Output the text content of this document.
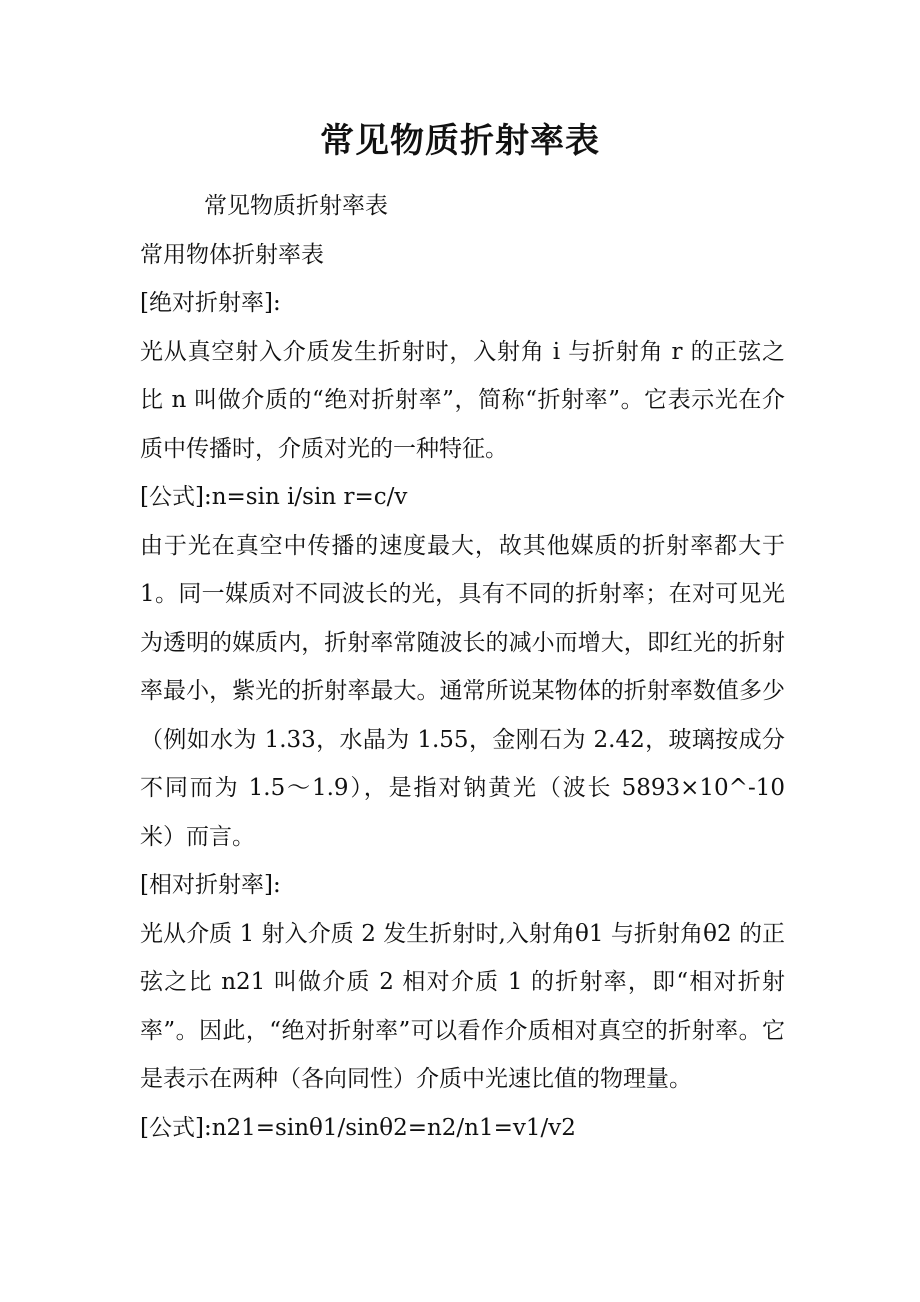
常见物质折射率表

常见物质折射率表

常用物体折射率表

[绝对折射率]:

光从真空射入介质发生折射时，入射角 i 与折射角 r 的正弦之比 n 叫做介质的“绝对折射率”，简称“折射率”。它表示光在介质中传播时，介质对光的一种特征。

[公式]:n=sin i/sin r=c/v

由于光在真空中传播的速度最大，故其他媒质的折射率都大于 1。同一媒质对不同波长的光，具有不同的折射率；在对可见光为透明的媒质内，折射率常随波长的减小而增大，即红光的折射率最小，紫光的折射率最大。通常所说某物体的折射率数值多少（例如水为 1.33，水晶为 1.55，金刚石为 2.42，玻璃按成分不同而为 1.5～1.9），是指对钠黄光（波长 5893×10^-10 米）而言。

[相对折射率]:

光从介质 1 射入介质 2 发生折射时,入射角θ1 与折射角θ2 的正弦之比 n21 叫做介质 2 相对介质 1 的折射率，即“相对折射率”。因此，“绝对折射率”可以看作介质相对真空的折射率。它是表示在两种（各向同性）介质中光速比值的物理量。

[公式]:n21=sinθ1/sinθ2=n2/n1=v1/v2
